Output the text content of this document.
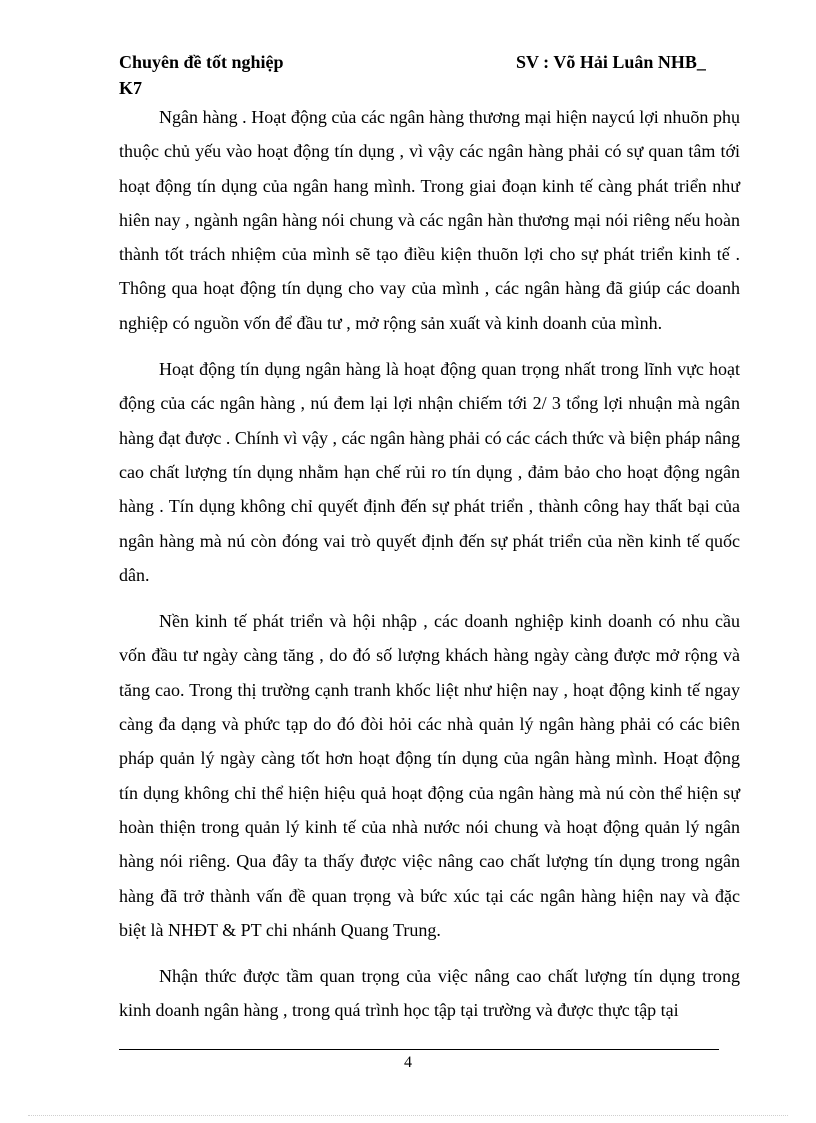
Chuyên đề tốt nghiệp	SV : Võ Hải Luân NHB_
K7

Ngân hàng . Hoạt động của các ngân hàng thương mại hiện naycú lợi nhuõn phụ thuộc chủ yếu vào hoạt động tín dụng , vì vậy các ngân hàng phải có sự quan tâm tới hoạt động tín dụng của ngân hang mình. Trong giai đoạn kinh tế càng phát triển như hiên nay , ngành ngân hàng nói chung và các ngân hàn thương mại nói riêng nếu hoàn thành tốt trách nhiệm của mình sẽ tạo điều kiện thuõn lợi cho sự phát triển kinh tế . Thông qua hoạt động tín dụng cho vay của mình , các ngân hàng đã giúp các doanh nghiệp có nguồn vốn để đầu tư , mở rộng sản xuất và kinh doanh của mình.

Hoạt động tín dụng ngân hàng là hoạt động quan trọng nhất trong lĩnh vực hoạt động của các ngân hàng , nú đem lại lợi nhận chiếm tới 2/ 3 tổng lợi nhuận mà ngân hàng đạt được . Chính vì vậy , các ngân hàng phải có các cách thức và biện pháp nâng cao chất lượng tín dụng nhằm hạn chế rủi ro tín dụng , đảm bảo cho hoạt động ngân hàng . Tín dụng không chỉ quyết định đến sự phát triển , thành công hay thất bại của ngân hàng mà nú còn đóng vai trò quyết định đến sự phát triển của nền kinh tế quốc dân.

Nền kinh tế phát triển và hội nhập , các doanh nghiệp kinh doanh có nhu cầu vốn đầu tư ngày càng tăng , do đó số lượng khách hàng ngày càng được mở rộng và tăng cao. Trong thị trường cạnh tranh khốc liệt như hiện nay , hoạt động kinh tế ngay càng đa dạng và phức tạp do đó đòi hỏi các nhà quản lý ngân hàng phải có các biên pháp quản lý ngày càng tốt hơn hoạt động tín dụng của ngân hàng mình. Hoạt động tín dụng không chỉ thể hiện hiệu quả hoạt động của ngân hàng mà nú còn thể hiện sự hoàn thiện trong quản lý kinh tế của nhà nước nói chung và hoạt động quản lý ngân hàng nói riêng. Qua đây ta thấy được việc nâng cao chất lượng tín dụng trong ngân hàng đã trở thành vấn đề quan trọng và bức xúc tại các ngân hàng hiện nay và đặc biệt là NHĐT & PT chi nhánh Quang Trung.

Nhận thức được tầm quan trọng của việc nâng cao chất lượng tín dụng trong kinh doanh ngân hàng , trong quá trình học tập tại trường và được thực tập tại

4
